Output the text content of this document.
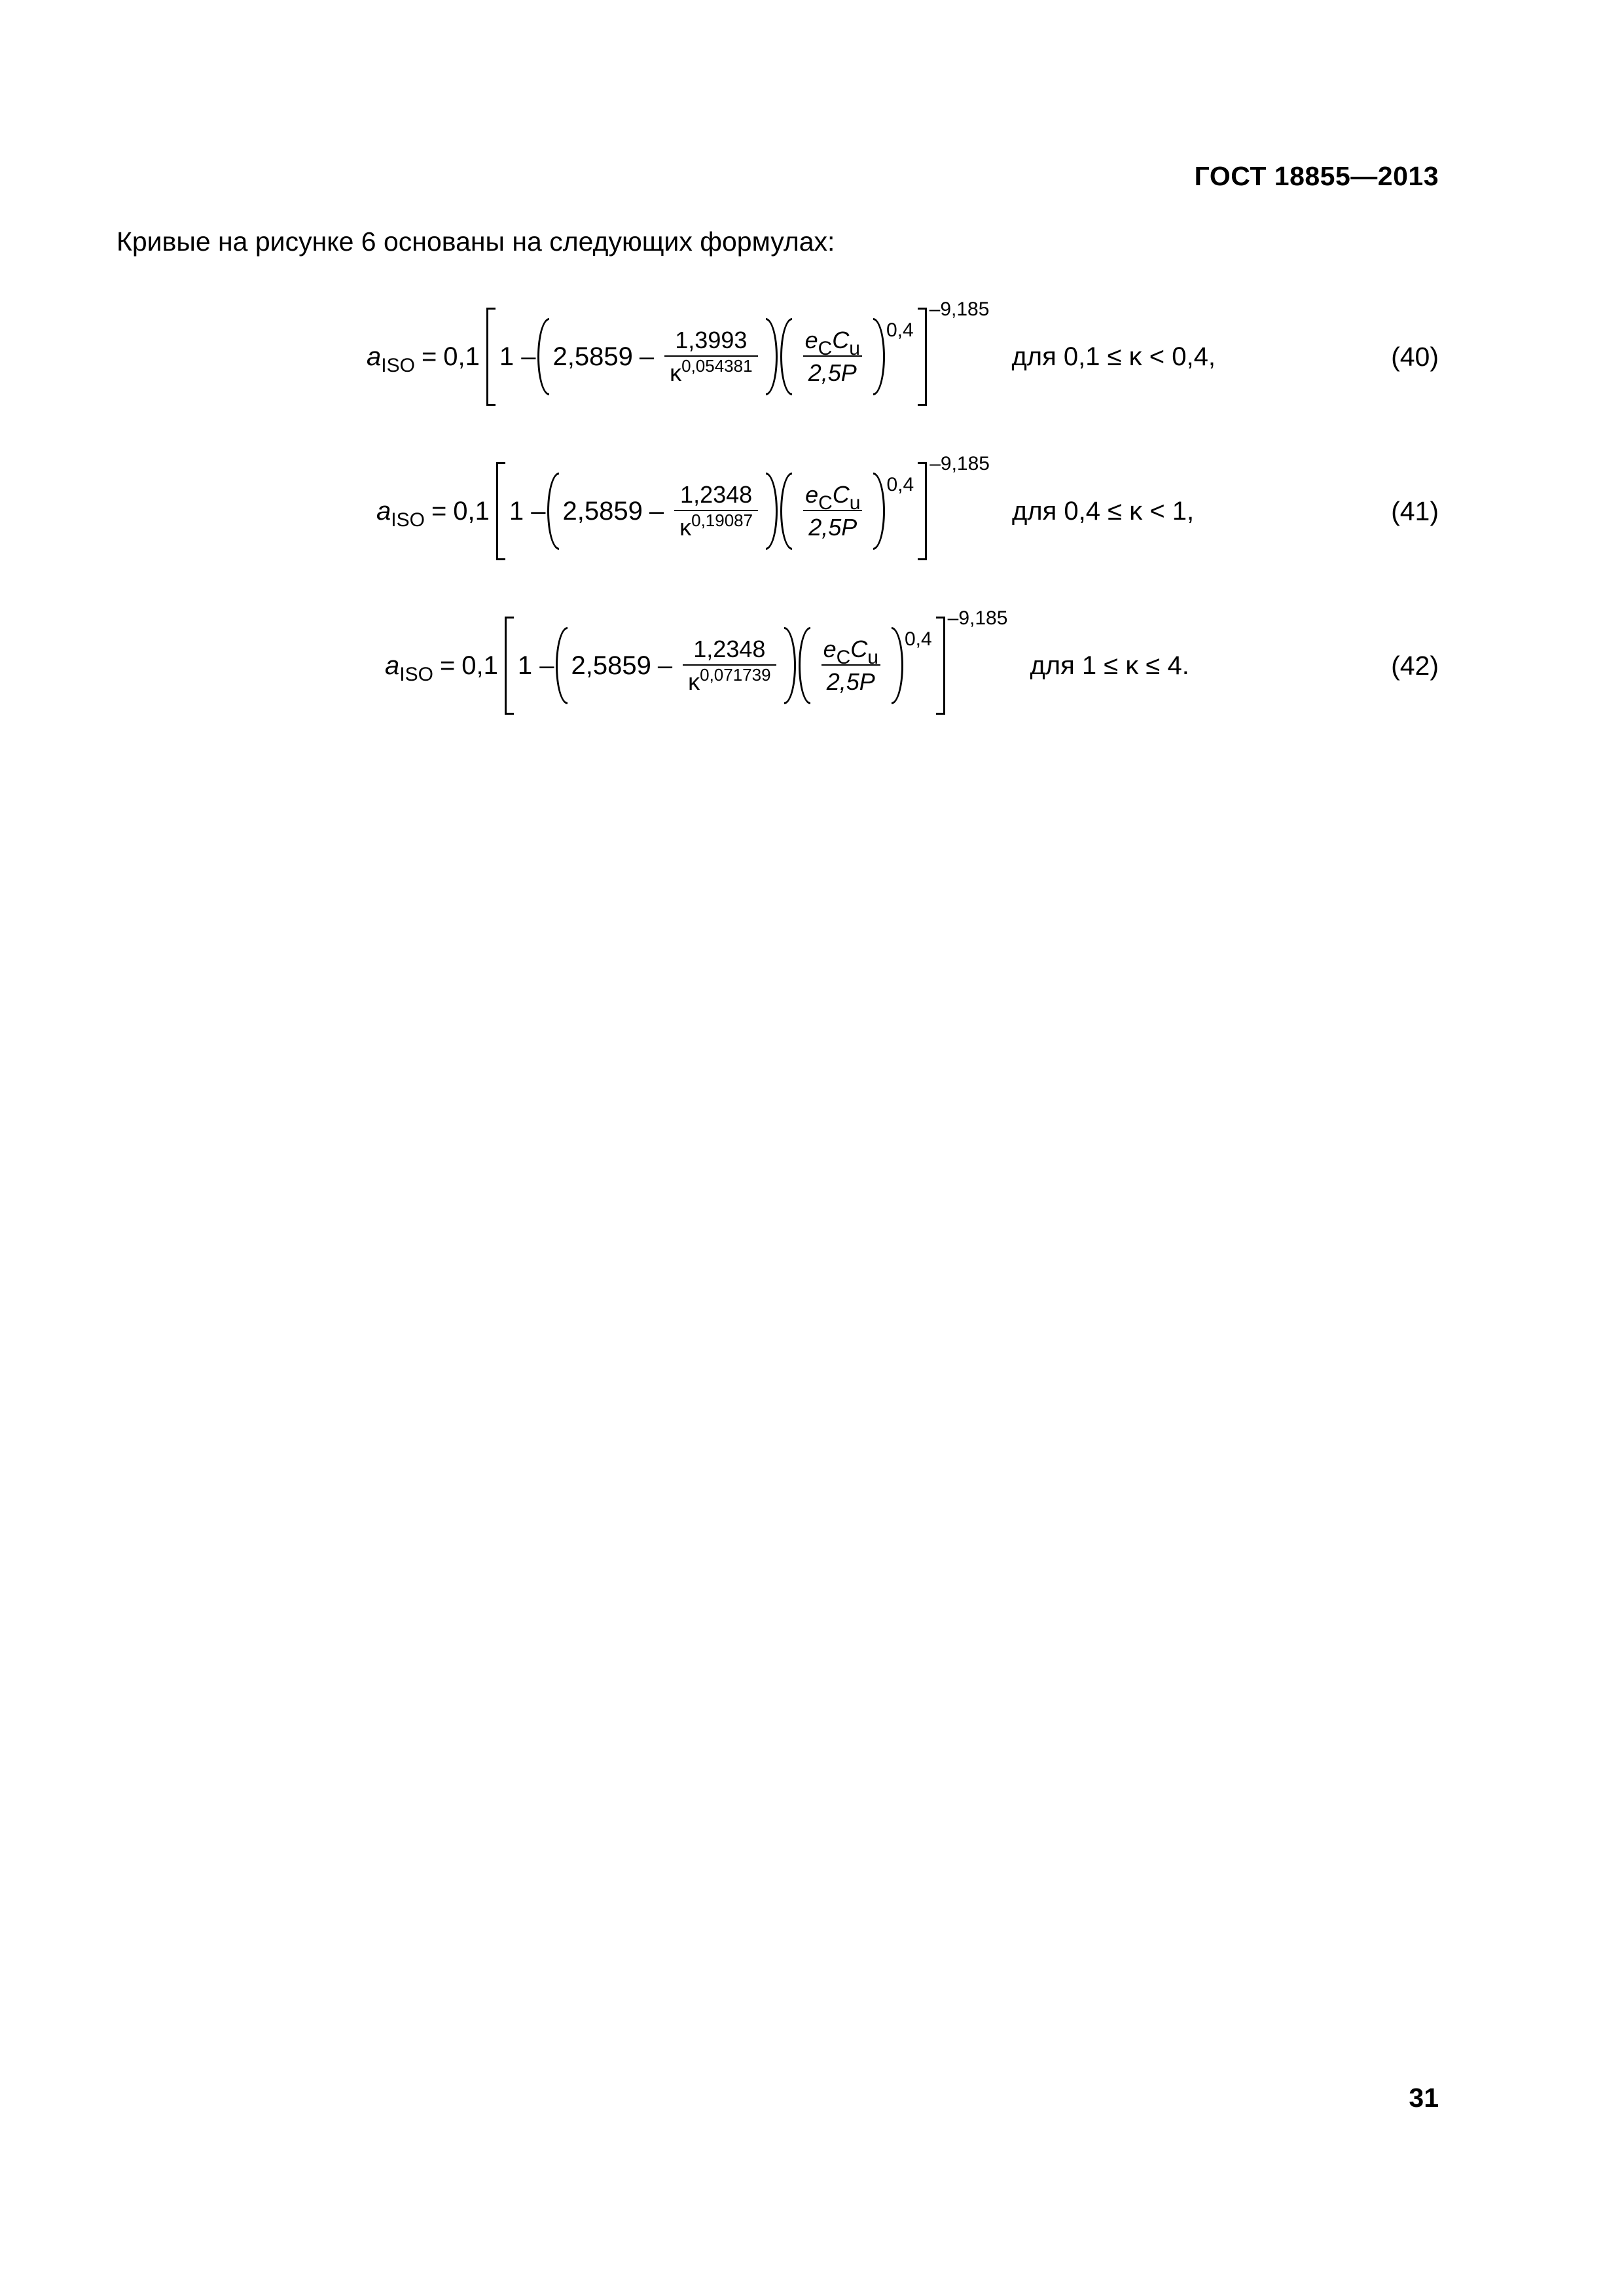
ГОСТ 18855—2013
Кривые на рисунке 6 основаны на следующих формулах:
a ISO = 0,1 $1 - 2,5859 - \frac{1,3993}{\kappa^{0,054381}} \frac{e_CC_u}{2,5P} 0,4$
–9,185
для 0,1 ≤ κ < 0,4,	(40)
a ISO = 0,1 $1 - 2,5859 - \frac{1,2348}{\kappa^{0,19087}} \frac{e_CC_u}{2,5P} 0,4$
–9,185
для 0,4 ≤ κ < 1,	(41)
a ISO = 0,1 $1 - 2,5859 - \frac{1,2348}{\kappa^{0,071739}} \frac{e_CC_u}{2,5P} 0,4$
–9,185
для 1 ≤ κ ≤ 4.	(42)
31
